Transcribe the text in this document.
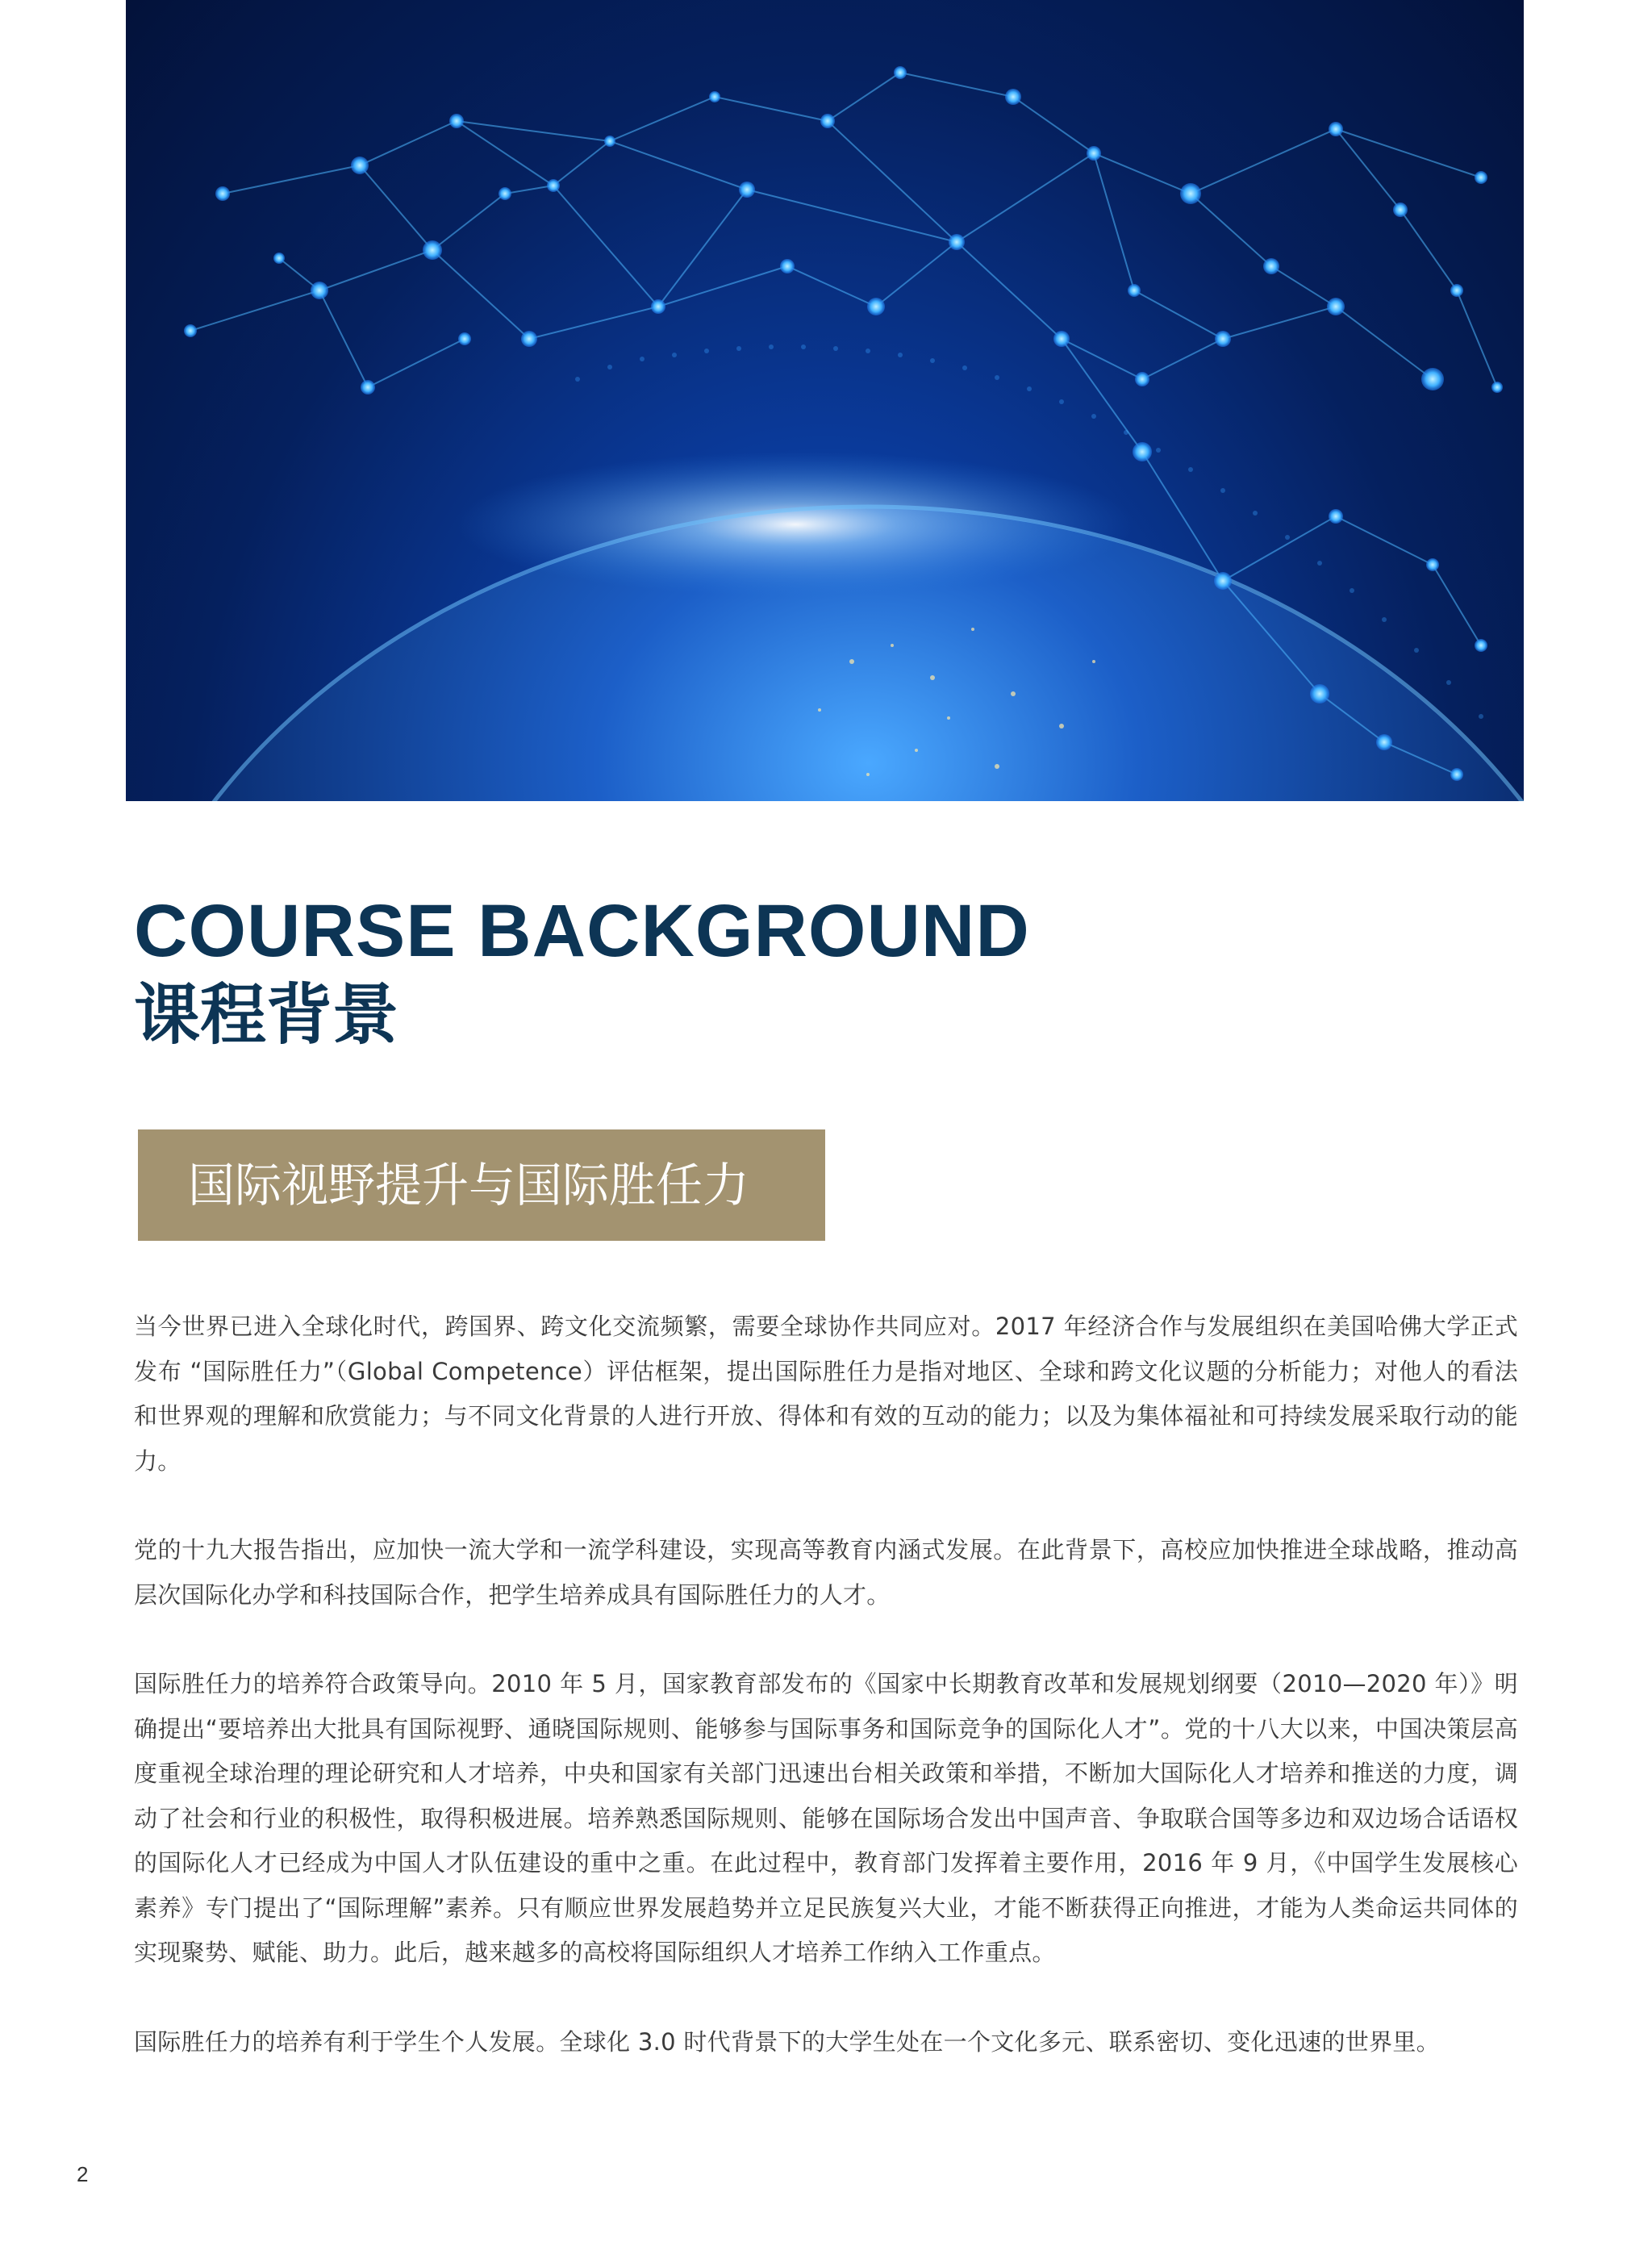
COURSE BACKGROUND
课程背景
国际视野提升与国际胜任力

当今世界已进入全球化时代，跨国界、跨文化交流频繁，需要全球协作共同应对。2017 年经济合作与发展组织在美国哈佛大学正式发布 “国际胜任力”（Global Competence）评估框架，提出国际胜任力是指对地区、全球和跨文化议题的分析能力；对他人的看法和世界观的理解和欣赏能力；与不同文化背景的人进行开放、得体和有效的互动的能力；以及为集体福祉和可持续发展采取行动的能力。

党的十九大报告指出，应加快一流大学和一流学科建设，实现高等教育内涵式发展。在此背景下，高校应加快推进全球战略，推动高层次国际化办学和科技国际合作，把学生培养成具有国际胜任力的人才。

国际胜任力的培养符合政策导向。2010 年 5 月，国家教育部发布的《国家中长期教育改革和发展规划纲要（2010—2020 年）》明确提出“要培养出大批具有国际视野、通晓国际规则、能够参与国际事务和国际竞争的国际化人才”。党的十八大以来，中国决策层高度重视全球治理的理论研究和人才培养，中央和国家有关部门迅速出台相关政策和举措，不断加大国际化人才培养和推送的力度，调动了社会和行业的积极性，取得积极进展。培养熟悉国际规则、能够在国际场合发出中国声音、争取联合国等多边和双边场合话语权的国际化人才已经成为中国人才队伍建设的重中之重。在此过程中，教育部门发挥着主要作用，2016 年 9 月，《中国学生发展核心素养》专门提出了“国际理解”素养。只有顺应世界发展趋势并立足民族复兴大业，才能不断获得正向推进，才能为人类命运共同体的实现聚势、赋能、助力。此后，越来越多的高校将国际组织人才培养工作纳入工作重点。

国际胜任力的培养有利于学生个人发展。全球化 3.0 时代背景下的大学生处在一个文化多元、联系密切、变化迅速的世界里。

2
